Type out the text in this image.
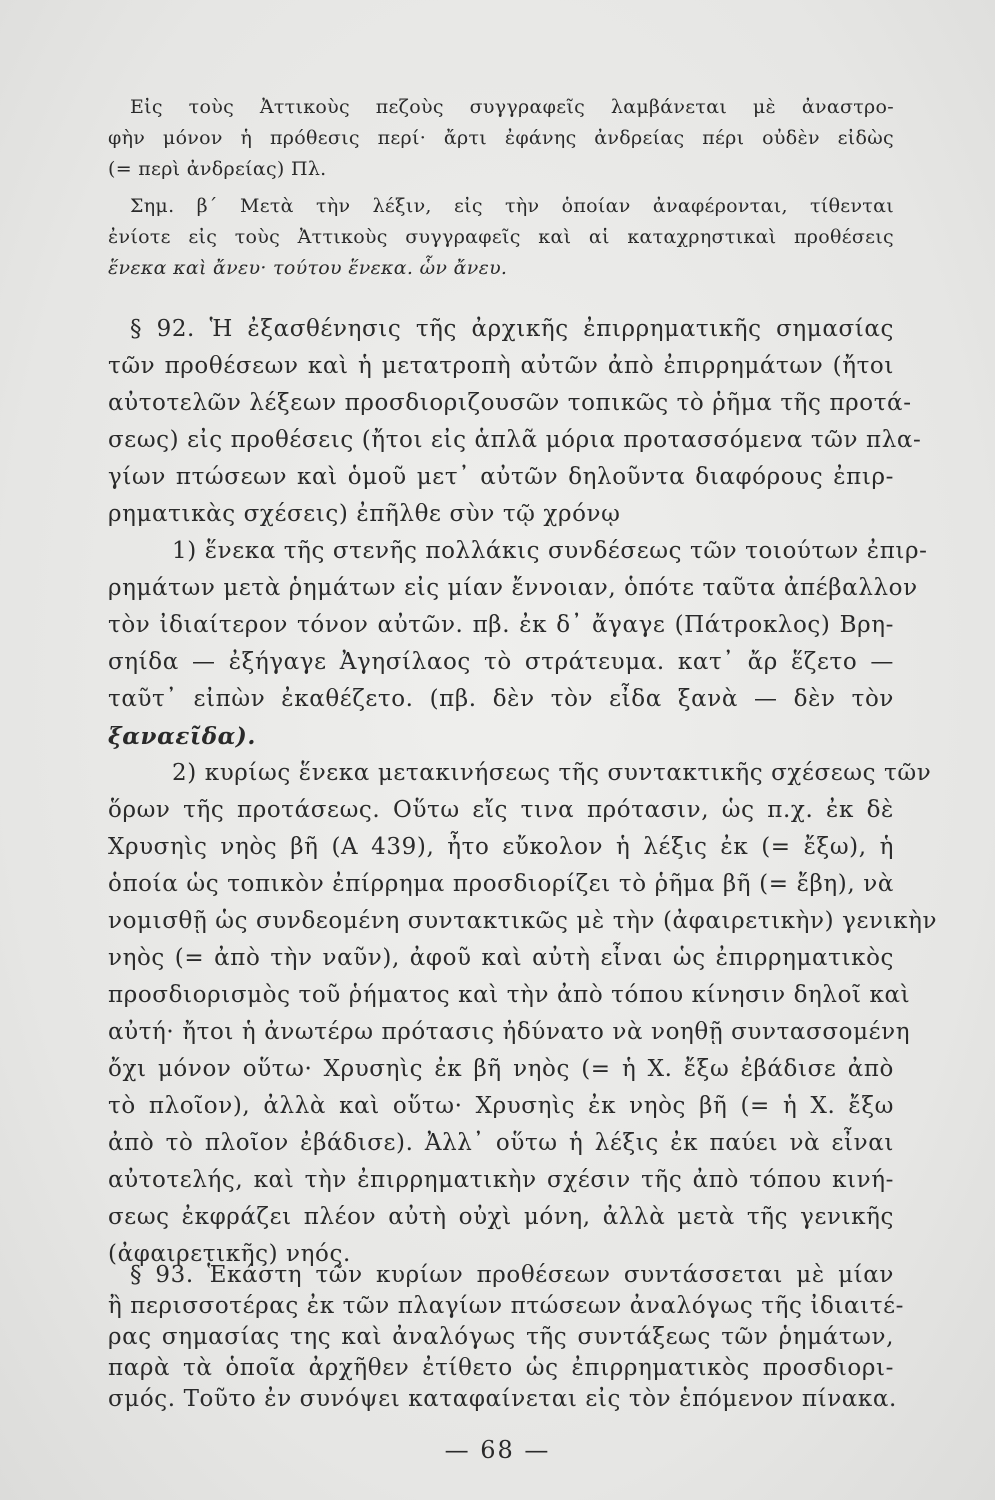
Εἰς τοὺς Ἀττικοὺς πεζοὺς συγγραφεῖς λαμβάνεται μὲ ἀναστρο-
φὴν μόνον ἡ πρόθεσις περί· ἄρτι ἐφάνης ἀνδρείας πέρι οὐδὲν εἰδὼς
(= περὶ ἀνδρείας) Πλ.
Σημ. β΄ Μετὰ τὴν λέξιν, εἰς τὴν ὁποίαν ἀναφέρονται, τίθενται
ἐνίοτε εἰς τοὺς Ἀττικοὺς συγγραφεῖς καὶ αἱ καταχρηστικαὶ προθέσεις
ἕνεκα καὶ ἄνευ· τούτου ἕνεκα. ὧν ἄνευ.
§ 92. Ἡ ἐξασθένησις τῆς ἀρχικῆς ἐπιρρηματικῆς σημασίας
τῶν προθέσεων καὶ ἡ μετατροπὴ αὐτῶν ἀπὸ ἐπιρρημάτων (ἤτοι
αὐτοτελῶν λέξεων προσδιοριζουσῶν τοπικῶς τὸ ῥῆμα τῆς προτά-
σεως) εἰς προθέσεις (ἤτοι εἰς ἁπλᾶ μόρια προτασσόμενα τῶν πλα-
γίων πτώσεων καὶ ὁμοῦ μετ᾽ αὐτῶν δηλοῦντα διαφόρους ἐπιρ-
ρηματικὰς σχέσεις) ἐπῆλθε σὺν τῷ χρόνῳ
1) ἕνεκα τῆς στενῆς πολλάκις συνδέσεως τῶν τοιούτων ἐπιρ-
ρημάτων μετὰ ῥημάτων εἰς μίαν ἔννοιαν, ὁπότε ταῦτα ἀπέβαλλον
τὸν ἰδιαίτερον τόνον αὐτῶν. πβ. ἐκ δ᾽ ἄγαγε (Πάτροκλος) Βρη-
σηίδα — ἐξήγαγε Ἀγησίλαος τὸ στράτευμα. κατ᾽ ἄρ ἕζετο —
ταῦτ᾽ εἰπὼν ἐκαθέζετο. (πβ. δὲν τὸν εἶδα ξανὰ — δὲν τὸν
ξαναεῖδα).
2) κυρίως ἕνεκα μετακινήσεως τῆς συντακτικῆς σχέσεως τῶν
ὅρων τῆς προτάσεως. Οὕτω εἴς τινα πρότασιν, ὡς π.χ. ἐκ δὲ
Χρυσηὶς νηὸς βῆ (Α 439), ἦτο εὔκολον ἡ λέξις ἐκ (= ἔξω), ἡ
ὁποία ὡς τοπικὸν ἐπίρρημα προσδιορίζει τὸ ῥῆμα βῆ (= ἔβη), νὰ
νομισθῇ ὡς συνδεομένη συντακτικῶς μὲ τὴν (ἀφαιρετικὴν) γενικὴν
νηὸς (= ἀπὸ τὴν ναῦν), ἀφοῦ καὶ αὐτὴ εἶναι ὡς ἐπιρρηματικὸς
προσδιορισμὸς τοῦ ῥήματος καὶ τὴν ἀπὸ τόπου κίνησιν δηλοῖ καὶ
αὐτή· ἤτοι ἡ ἀνωτέρω πρότασις ἠδύνατο νὰ νοηθῇ συντασσομένη
ὄχι μόνον οὕτω· Χρυσηὶς ἐκ βῆ νηὸς (= ἡ Χ. ἔξω ἐβάδισε ἀπὸ
τὸ πλοῖον), ἀλλὰ καὶ οὕτω· Χρυσηὶς ἐκ νηὸς βῆ (= ἡ Χ. ἔξω
ἀπὸ τὸ πλοῖον ἐβάδισε). Ἀλλ᾽ οὕτω ἡ λέξις ἐκ παύει νὰ εἶναι
αὐτοτελής, καὶ τὴν ἐπιρρηματικὴν σχέσιν τῆς ἀπὸ τόπου κινή-
σεως ἐκφράζει πλέον αὐτὴ οὐχὶ μόνη, ἀλλὰ μετὰ τῆς γενικῆς
(ἀφαιρετικῆς) νηός.
§ 93. Ἑκάστη τῶν κυρίων προθέσεων συντάσσεται μὲ μίαν
ἢ περισσοτέρας ἐκ τῶν πλαγίων πτώσεων ἀναλόγως τῆς ἰδιαιτέ-
ρας σημασίας της καὶ ἀναλόγως τῆς συντάξεως τῶν ῥημάτων,
παρὰ τὰ ὁποῖα ἀρχῆθεν ἐτίθετο ὡς ἐπιρρηματικὸς προσδιορι-
— 68 —
σμός. Τοῦτο ἐν συνόψει καταφαίνεται εἰς τὸν ἑπόμενον πίνακα.
